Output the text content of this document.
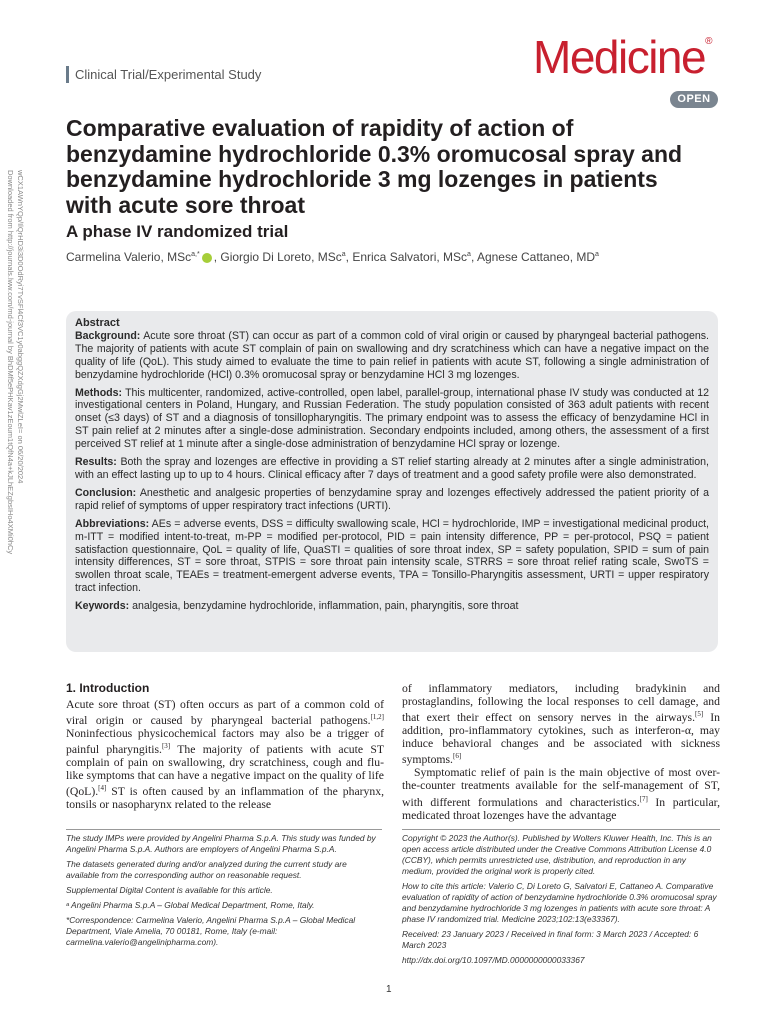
Clinical Trial/Experimental Study	Medicine®
OPEN
Downloaded from http://journals.lww.com/md-journal by BhDMf5ePHKav1zEoum1tQfN4a+kJLhEZgbsIHo4XMi0hCy wCX1AWnYQp/IlQrHD3i3D0OdRyi7TvSFl4Cf3VC1y0abggQZXdgGj2MwlZLeI= on 06/20/2024
Comparative evaluation of rapidity of action of benzydamine hydrochloride 0.3% oromucosal spray and benzydamine hydrochloride 3 mg lozenges in patients with acute sore throat
A phase IV randomized trial
Carmelina Valerio, MSc$^{a,*}$ , Giorgio Di Loreto, MSc$^a$, Enrica Salvatori, MSc$^a$, Agnese Cattaneo, $MD^a$
Abstract

Background: Acute sore throat (ST) can occur as part of a common cold of viral origin or caused by pharyngeal bacterial pathogens. The majority of patients with acute ST complain of pain on swallowing and dry scratchiness which can have a negative impact on the quality of life (QoL). This study aimed to evaluate the time to pain relief in patients with acute ST, following a single administration of benzydamine hydrochloride (HCl) 0.3% oromucosal spray or benzydamine HCl 3 mg lozenges.

Methods: This multicenter, randomized, active-controlled, open label, parallel-group, international phase IV study was conducted at 12 investigational centers in Poland, Hungary, and Russian Federation. The study population consisted of 363 adult patients with recent onset (≤3 days) of ST and a diagnosis of tonsillopharyngitis. The primary endpoint was to assess the efficacy of benzydamine HCl in ST pain relief at 2 minutes after a single-dose administration. Secondary endpoints included, among others, the assessment of a first perceived ST relief at 1 minute after a single-dose administration of benzydamine HCl spray or lozenge.

Results: Both the spray and lozenges are effective in providing a ST relief starting already at 2 minutes after a single administration, with an effect lasting up to up to 4 hours. Clinical efficacy after 7 days of treatment and a good safety profile were also demonstrated.

Conclusion: Anesthetic and analgesic properties of benzydamine spray and lozenges effectively addressed the patient priority of a rapid relief of symptoms of upper respiratory tract infections (URTI).

Abbreviations: AEs = adverse events, DSS = difficulty swallowing scale, HCl = hydrochloride, IMP = investigational medicinal product, m-ITT = modified intent-to-treat, m-PP = modified per-protocol, PID = pain intensity difference, PP = per-protocol, PSQ = patient satisfaction questionnaire, QoL = quality of life, QuaSTI = qualities of sore throat index, SP = safety population, SPID = sum of pain intensity differences, ST = sore throat, STPIS = sore throat pain intensity scale, STRRS = sore throat relief rating scale, SwoTS = swollen throat scale, TEAEs = treatment-emergent adverse events, TPA = Tonsillo-Pharyngitis assessment, URTI = upper respiratory tract infection.

Keywords: analgesia, benzydamine hydrochloride, inflammation, pain, pharyngitis, sore throat

1. Introduction

Acute sore throat (ST) often occurs as part of a common cold of viral origin or caused by pharyngeal bacterial pathogens.[1,2] Noninfectious physicochemical factors may also be a trigger of painful pharyngitis.[3] The majority of patients with acute ST complain of pain on swallowing, dry scratchiness, cough and flu-like symptoms that can have a negative impact on the quality of life (QoL).[4] ST is often caused by an inflammation of the pharynx, tonsils or nasopharynx related to the release

of inflammatory mediators, including bradykinin and prostaglandins, following the local responses to cell damage, and that exert their effect on sensory nerves in the airways.[5] In addition, pro-inflammatory cytokines, such as interferon-α, may induce behavioral changes and be associated with sickness symptoms.[6]

Symptomatic relief of pain is the main objective of most over-the-counter treatments available for the self-management of ST, with different formulations and characteristics.[7] In particular, medicated throat lozenges have the advantage

The study IMPs were provided by Angelini Pharma S.p.A. This study was funded by Angelini Pharma S.p.A. Authors are employers of Angelini Pharma S.p.A.

The datasets generated during and/or analyzed during the current study are available from the corresponding author on reasonable request.

Supplemental Digital Content is available for this article.

ᵃ Angelini Pharma S.p.A – Global Medical Department, Rome, Italy.

*Correspondence: Carmelina Valerio, Angelini Pharma S.p.A – Global Medical Department, Viale Amelia, 70 00181, Rome, Italy (e-mail: carmelina.valerio@angelinipharma.com).

Copyright © 2023 the Author(s). Published by Wolters Kluwer Health, Inc. This is an open access article distributed under the Creative Commons Attribution License 4.0 (CCBY), which permits unrestricted use, distribution, and reproduction in any medium, provided the original work is properly cited.

How to cite this article: Valerio C, Di Loreto G, Salvatori E, Cattaneo A. Comparative evaluation of rapidity of action of benzydamine hydrochloride 0.3% oromucosal spray and benzydamine hydrochloride 3 mg lozenges in patients with acute sore throat: A phase IV randomized trial. Medicine 2023;102:13(e33367).

Received: 23 January 2023 / Received in final form: 3 March 2023 / Accepted: 6 March 2023

http://dx.doi.org/10.1097/MD.0000000000033367

1
